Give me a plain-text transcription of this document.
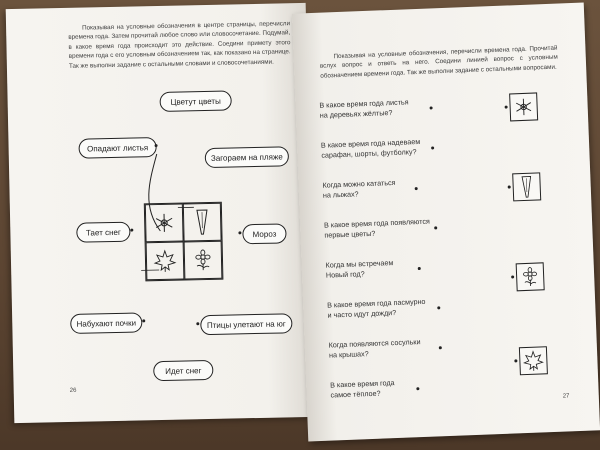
Показывая на условные обозначения в центре страницы, перечисли времена года. Затем прочитай любое слово или словосочетание. Подумай, в какое время года происходит это действие. Соедини примету этого времени года с его условным обозначением так, как показано на странице. Так же выполни задание с остальными словами и словосочетаниями.
Цветут цветы
Опадают листья
Загораем на пляже
Тает снег	Мороз
Набухают почки	Птицы улетают на юг
Идет снег
26
Показывая на условные обозначения, перечисли времена года. Прочитай вслух вопрос и ответь на него. Соедини линией вопрос с условным обозначением времени года. Так же выполни задание с остальными вопросами.
В какое время года листья
на деревьях жёлтые?
В какое время года надеваем
сарафан, шорты, футболку?
Когда можно кататься
на лыжах?
В какое время года появляются
первые цветы?
Когда мы встречаем
Новый год?
В какое время года пасмурно
и часто идут дожди?
Когда появляются сосульки
на крышах?
В какое время года
самое тёплое?	27
